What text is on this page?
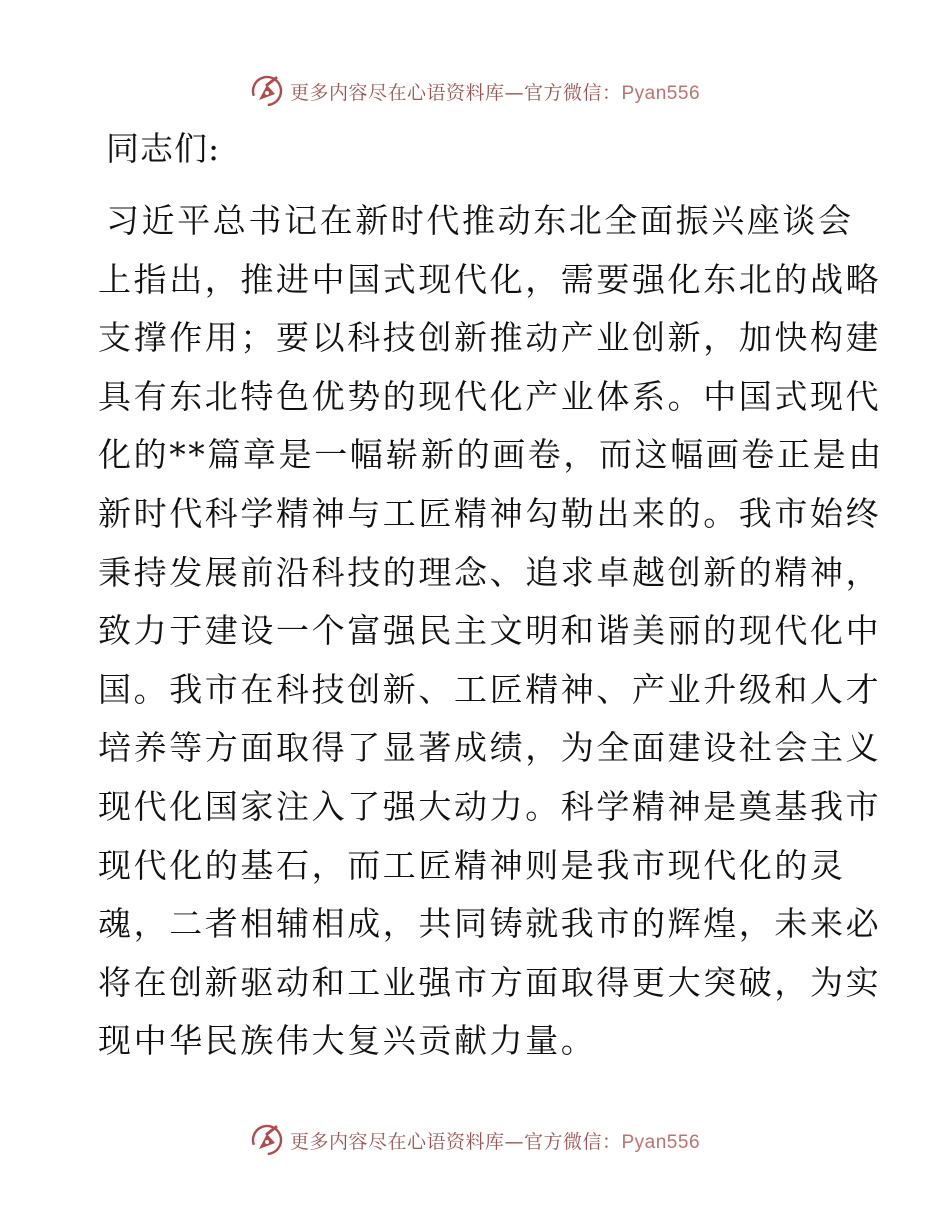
更多内容尽在心语资料库—官方微信：Pyan556
同志们:
习近平总书记在新时代推动东北全面振兴座谈会
上指出，推进中国式现代化，需要强化东北的战略
支撑作用；要以科技创新推动产业创新，加快构建
具有东北特色优势的现代化产业体系。中国式现代
化的**篇章是一幅崭新的画卷，而这幅画卷正是由
新时代科学精神与工匠精神勾勒出来的。我市始终
秉持发展前沿科技的理念、追求卓越创新的精神，
致力于建设一个富强民主文明和谐美丽的现代化中
国。我市在科技创新、工匠精神、产业升级和人才
培养等方面取得了显著成绩，为全面建设社会主义
现代化国家注入了强大动力。科学精神是奠基我市
现代化的基石，而工匠精神则是我市现代化的灵
魂，二者相辅相成，共同铸就我市的辉煌，未来必
将在创新驱动和工业强市方面取得更大突破，为实
现中华民族伟大复兴贡献力量。
更多内容尽在心语资料库—官方微信：Pyan556
